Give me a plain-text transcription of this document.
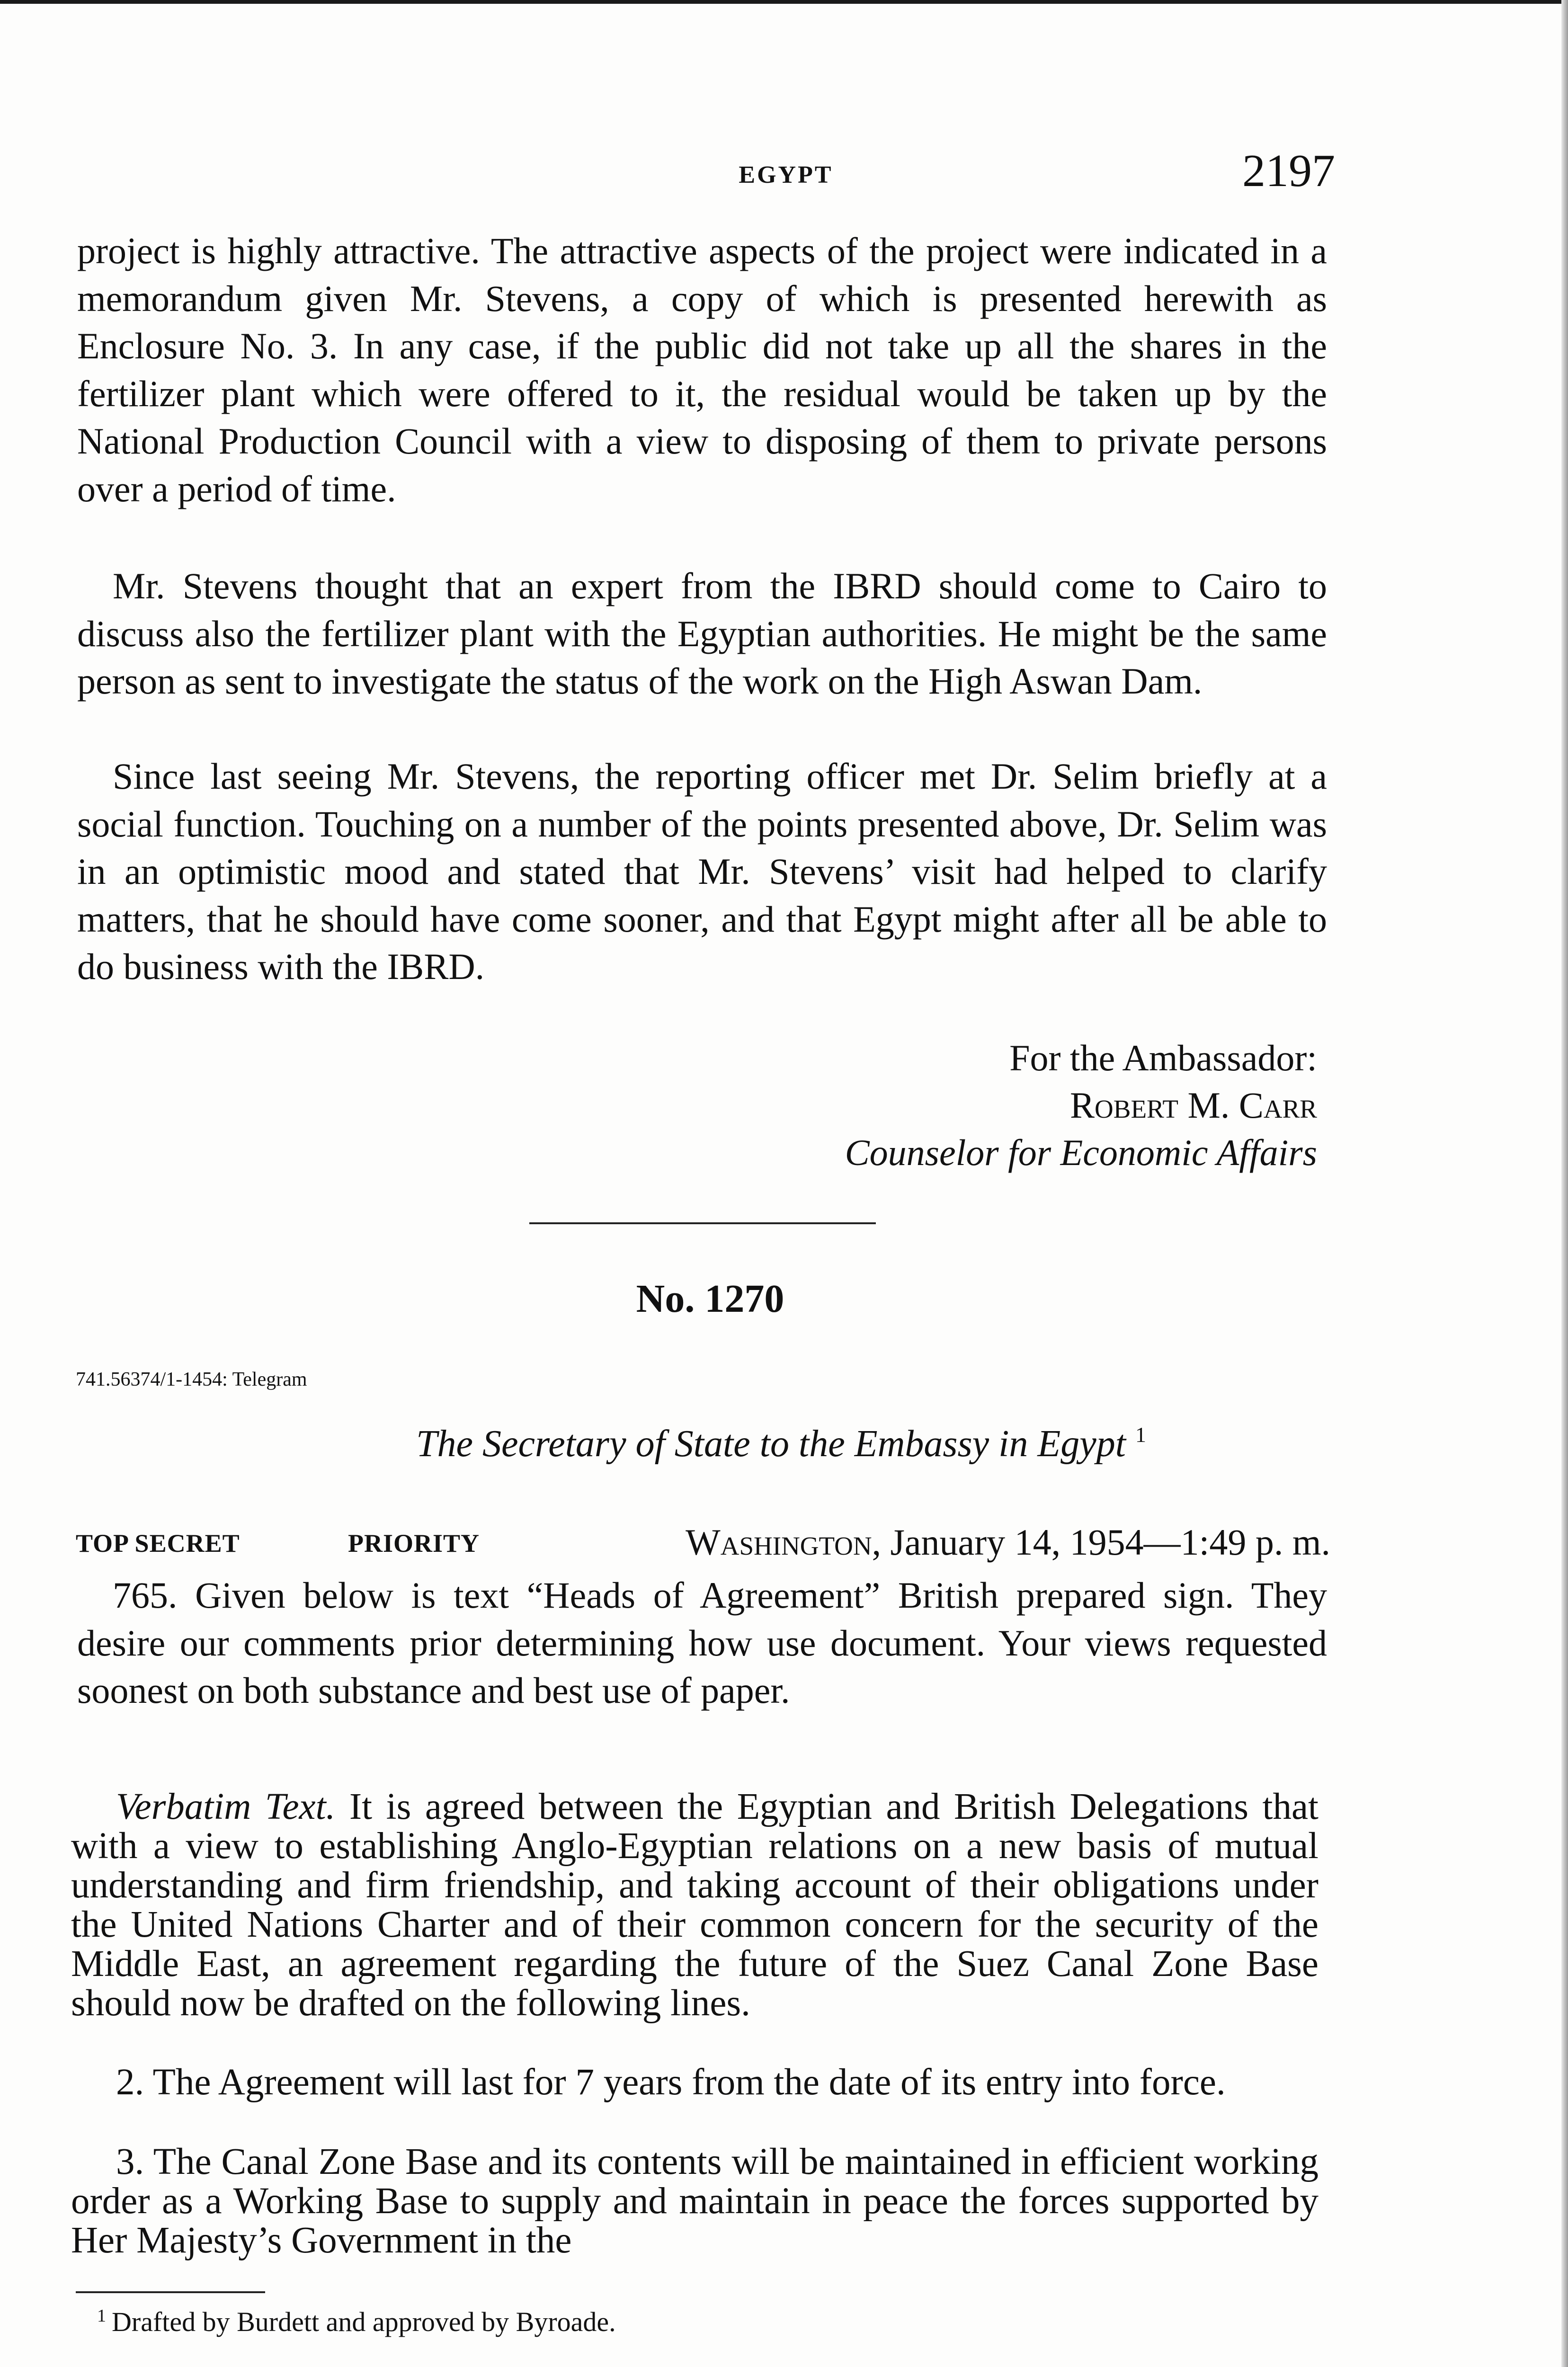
EGYPT	2197

project is highly attractive. The attractive aspects of the project were indicated in a memorandum given Mr. Stevens, a copy of which is presented herewith as Enclosure No. 3. In any case, if the public did not take up all the shares in the fertilizer plant which were offered to it, the residual would be taken up by the National Production Council with a view to disposing of them to private persons over a period of time.

Mr. Stevens thought that an expert from the IBRD should come to Cairo to discuss also the fertilizer plant with the Egyptian authorities. He might be the same person as sent to investigate the status of the work on the High Aswan Dam.

Since last seeing Mr. Stevens, the reporting officer met Dr. Selim briefly at a social function. Touching on a number of the points presented above, Dr. Selim was in an optimistic mood and stated that Mr. Stevens’ visit had helped to clarify matters, that he should have come sooner, and that Egypt might after all be able to do business with the IBRD.

For the Ambassador:
Robert M. Carr
Counselor for Economic Affairs
No. 1270
741.56374/1-1454: Telegram
The Secretary of State to the Embassy in Egypt $^1$
TOP SECRET	PRIORITY	Washington, January 14, 1954—1:49 p. m.

765. Given below is text “Heads of Agreement” British prepared sign. They desire our comments prior determining how use document. Your views requested soonest on both substance and best use of paper.

Verbatim Text. It is agreed between the Egyptian and British Delegations that with a view to establishing Anglo-Egyptian relations on a new basis of mutual understanding and firm friendship, and taking account of their obligations under the United Nations Charter and of their common concern for the security of the Middle East, an agreement regarding the future of the Suez Canal Zone Base should now be drafted on the following lines.

2. The Agreement will last for 7 years from the date of its entry into force.

3. The Canal Zone Base and its contents will be maintained in efficient working order as a Working Base to supply and maintain in peace the forces supported by Her Majesty’s Government in the

$^1$ Drafted by Burdett and approved by Byroade.
